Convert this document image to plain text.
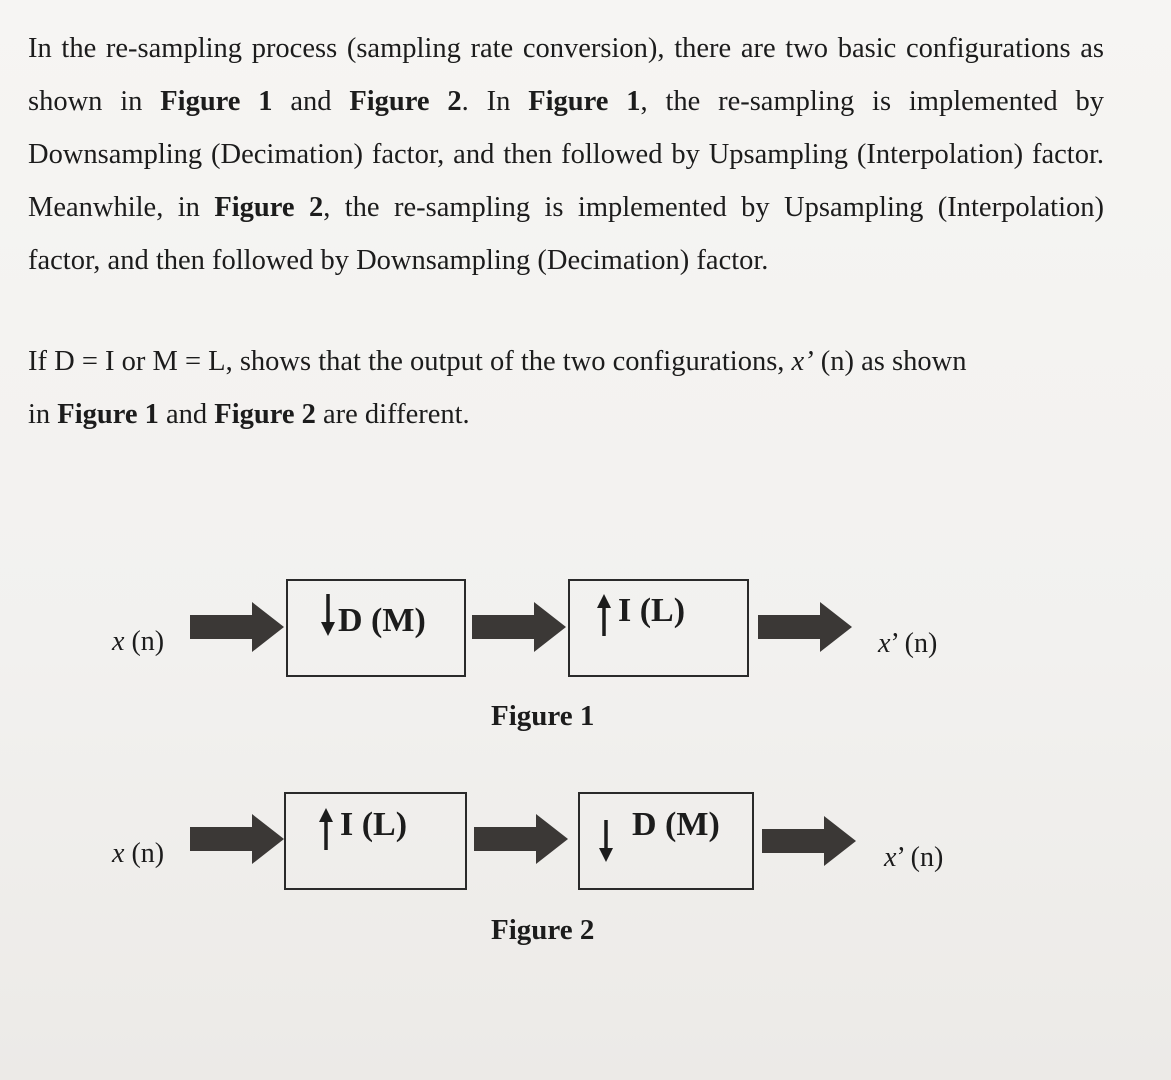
In the re-sampling process (sampling rate conversion), there are two basic configurations as shown in Figure 1 and Figure 2. In Figure 1, the re-sampling is implemented by Downsampling (Decimation) factor, and then followed by Upsampling (Interpolation) factor. Meanwhile, in Figure 2, the re-sampling is implemented by Upsampling (Interpolation) factor, and then followed by Downsampling (Decimation) factor.

If D = I or M = L, shows that the output of the two configurations, x’ (n) as shown

in Figure 1 and Figure 2 are different.

x (n)
D (M)	I (L)
x’ (n)
Figure 1
x (n)
I (L)	D (M)
x’ (n)
Figure 2
